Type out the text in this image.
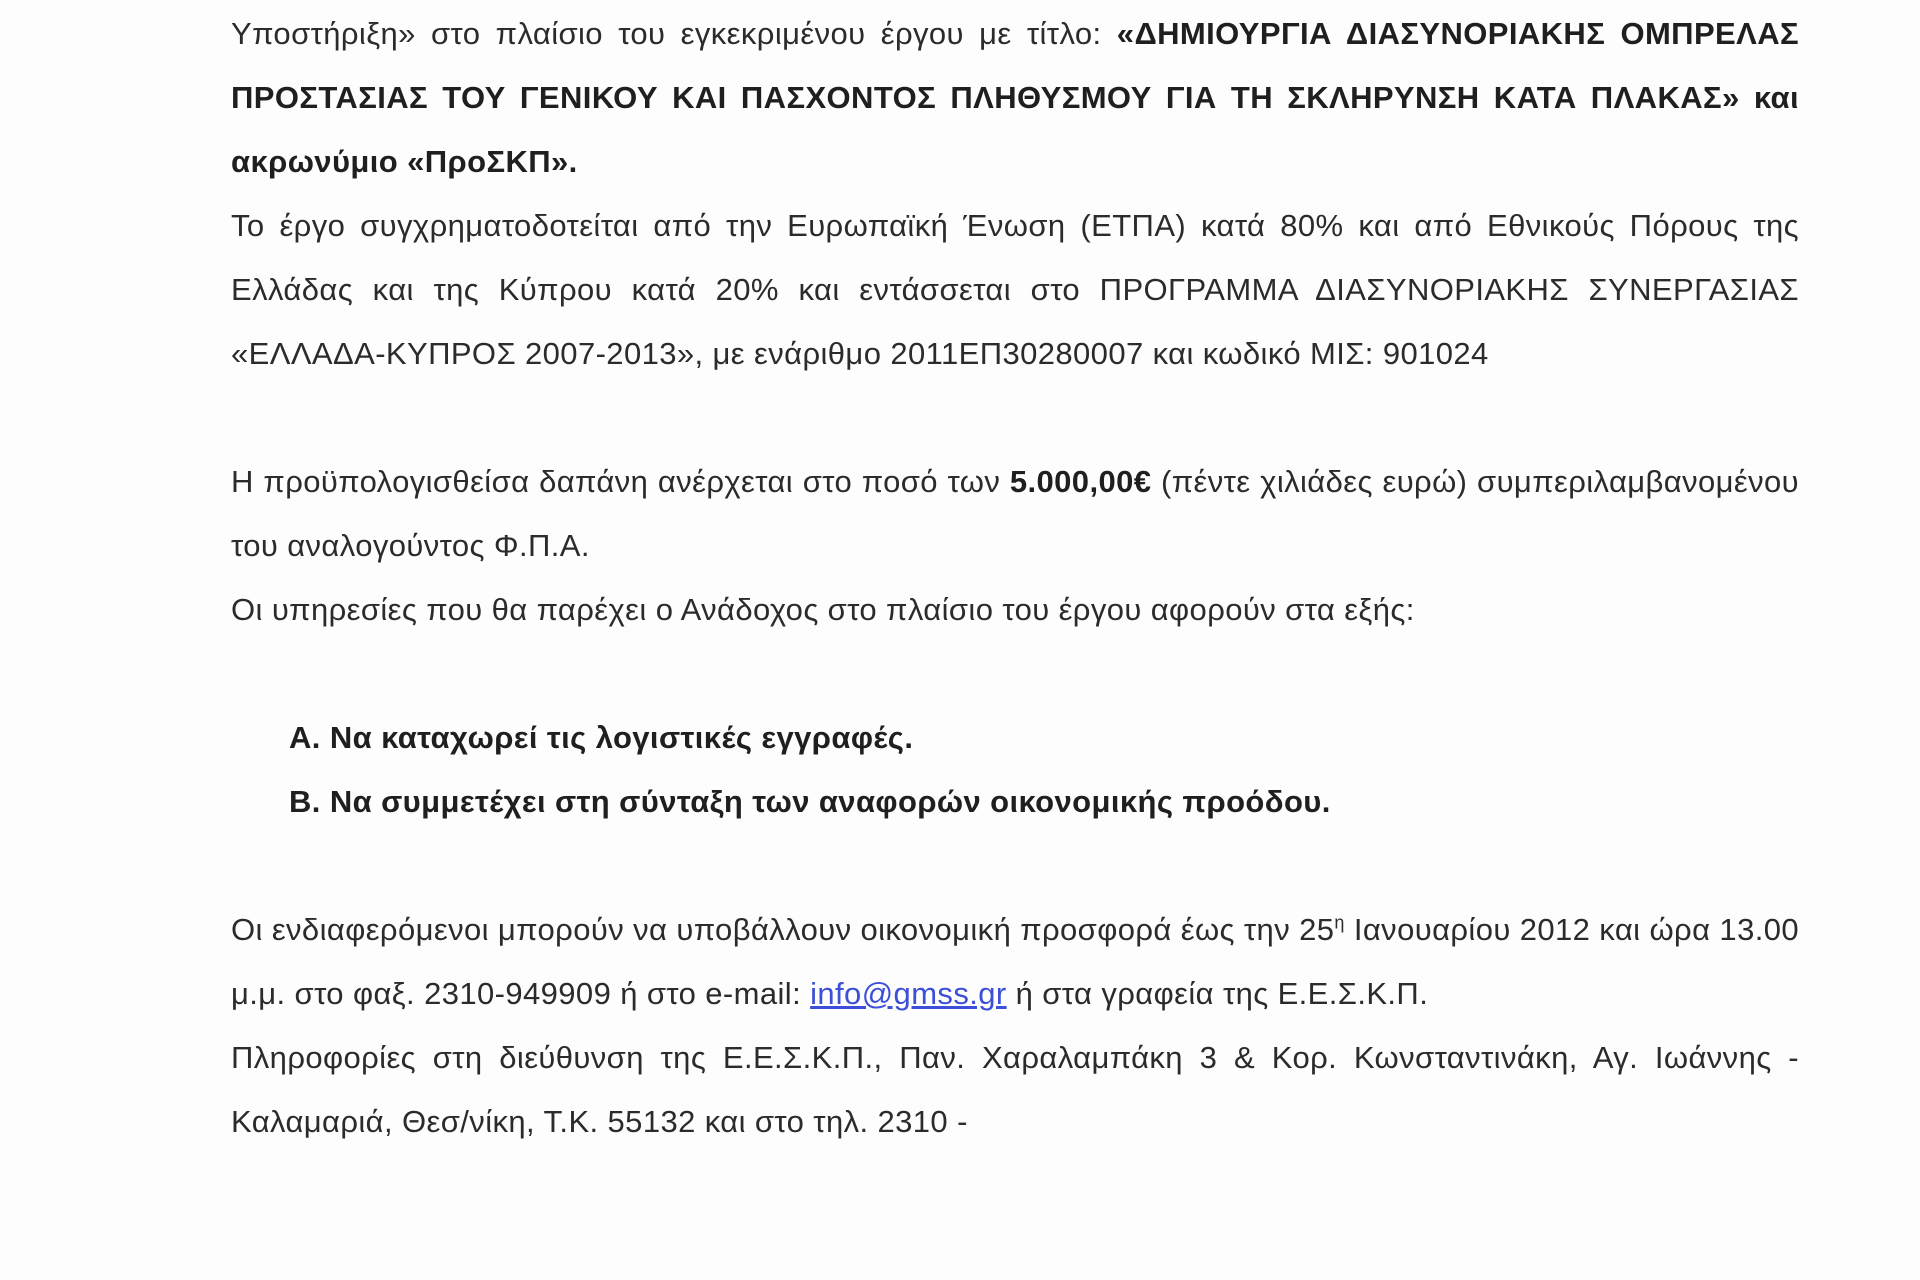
Υποστήριξη» στο πλαίσιο του εγκεκριμένου έργου με τίτλο: «ΔΗΜΙΟΥΡΓΙΑ ΔΙΑΣΥΝΟΡΙΑΚΗΣ ΟΜΠΡΕΛΑΣ ΠΡΟΣΤΑΣΙΑΣ ΤΟΥ ΓΕΝΙΚΟΥ ΚΑΙ ΠΑΣΧΟΝΤΟΣ ΠΛΗΘΥΣΜΟΥ ΓΙΑ ΤΗ ΣΚΛΗΡΥΝΣΗ ΚΑΤΑ ΠΛΑΚΑΣ» και ακρωνύμιο «ΠροΣΚΠ».

Το έργο συγχρηματοδοτείται από την Ευρωπαϊκή Ένωση (ΕΤΠΑ) κατά 80% και από Εθνικούς Πόρους της Ελλάδας και της Κύπρου κατά 20% και εντάσσεται στο ΠΡΟΓΡΑΜΜΑ ΔΙΑΣΥΝΟΡΙΑΚΗΣ ΣΥΝΕΡΓΑΣΙΑΣ «ΕΛΛΑΔΑ-ΚΥΠΡΟΣ 2007-2013», με ενάριθμο 2011ΕΠ30280007 και κωδικό ΜΙΣ: 901024

Η προϋπολογισθείσα δαπάνη ανέρχεται στο ποσό των 5.000,00€ (πέντε χιλιάδες ευρώ) συμπεριλαμβανομένου του αναλογούντος Φ.Π.Α.

Οι υπηρεσίες που θα παρέχει ο Ανάδοχος στο πλαίσιο του έργου αφορούν στα εξής:

Α. Να καταχωρεί τις λογιστικές εγγραφές.
Β. Να συμμετέχει στη σύνταξη των αναφορών οικονομικής προόδου.

Οι ενδιαφερόμενοι μπορούν να υποβάλλουν οικονομική προσφορά έως την $25^\eta$ Ιανουαρίου 2012 και ώρα 13.00 μ.μ. στο φαξ. 2310-949909 ή στο e-mail: info@gmss.gr ή στα γραφεία της Ε.Ε.Σ.Κ.Π.

Πληροφορίες στη διεύθυνση της Ε.Ε.Σ.Κ.Π., Παν. Χαραλαμπάκη 3 & Κορ. Κωνσταντινάκη, Αγ. Ιωάννης - Καλαμαριά, Θεσ/νίκη, Τ.Κ. 55132 και στο τηλ. 2310 -
